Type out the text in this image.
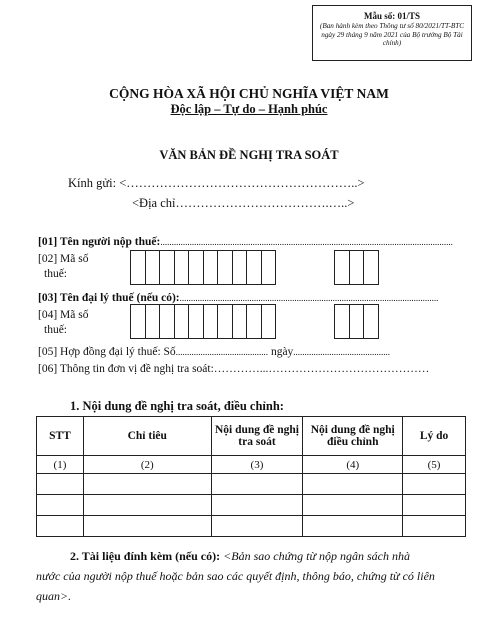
Mẫu số: 01/TS
(Ban hành kèm theo Thông tư số 80/2021/TT-BTC ngày 29 tháng 9 năm 2021 của Bộ trưởng Bộ Tài chính)
CỘNG HÒA XÃ HỘI CHỦ NGHĨA VIỆT NAM
Độc lập – Tự do – Hạnh phúc
VĂN BẢN ĐỀ NGHỊ TRA SOÁT
Kính gửi: <………………………………………………..>
<Địa chỉ……………………………….…..>
[01] Tên người nộp thuế:..................................................................................................................................
[02] Mã số
thuế:
[03] Tên đại lý thuế (nếu có):...................................................................................................................
[04] Mã số
thuế:
[05] Hợp đồng đại lý thuế: Số......................................... ngày...........................................
[06] Thông tin đơn vị đề nghị tra soát:…………...……………………………………
1. Nội dung đề nghị tra soát, điều chỉnh:
STT	Chỉ tiêu	Nội dung đề nghị tra soát	Nội dung đề nghị điều chỉnh	Lý do
(1)	(2)	(3)	(4)	(5)

2. Tài liệu đính kèm (nếu có): <Bản sao chứng từ nộp ngân sách nhà
nước của người nộp thuế hoặc bản sao các quyết định, thông báo, chứng từ có liên quan>.
